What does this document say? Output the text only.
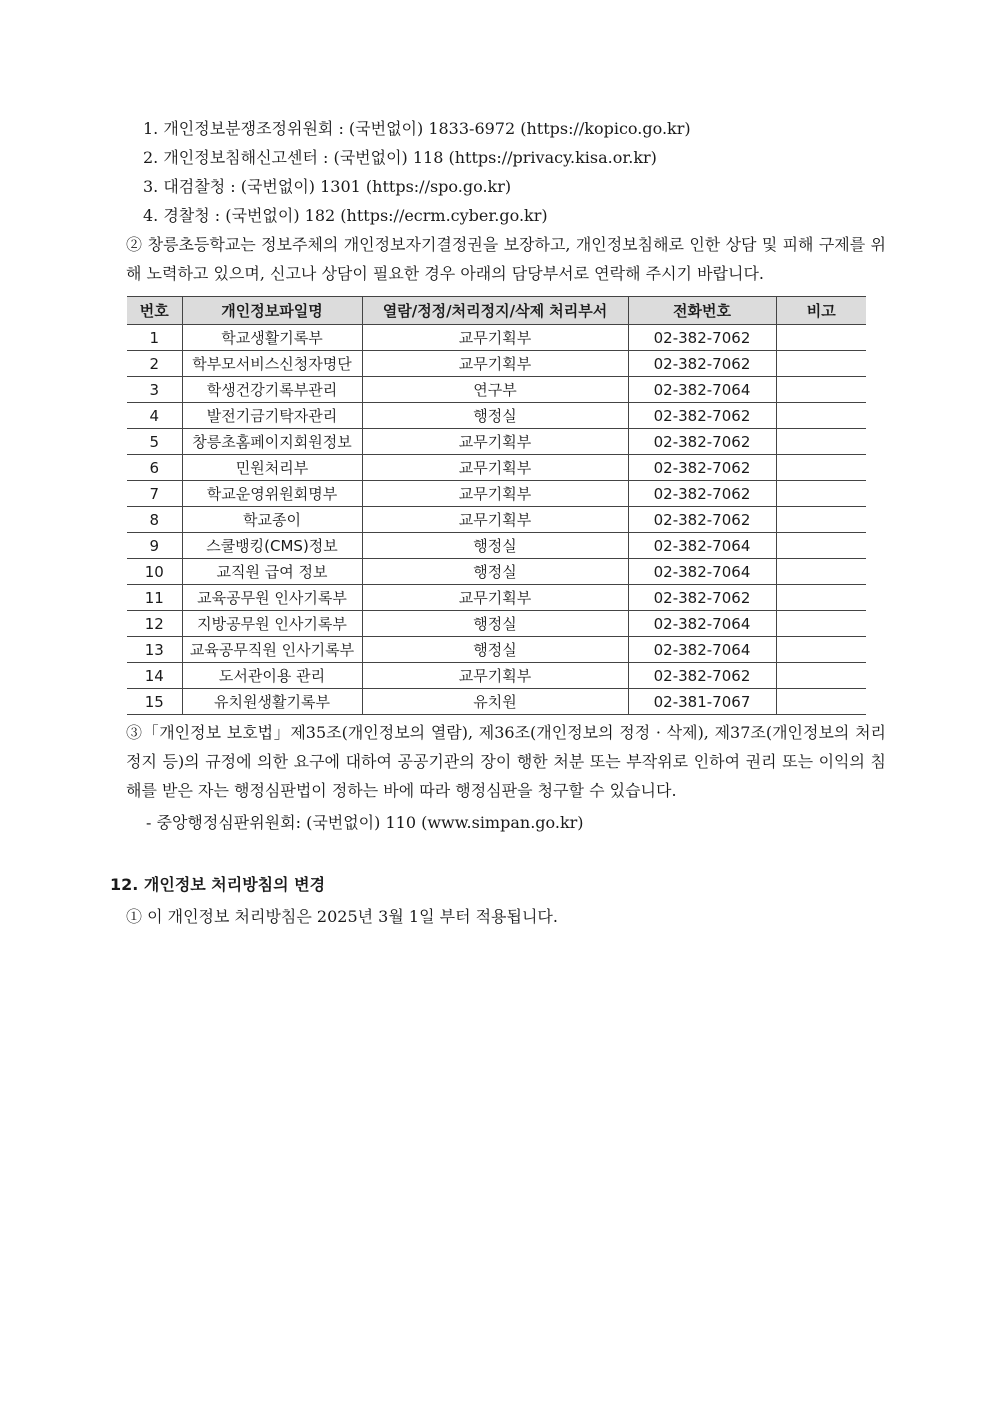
1. 개인정보분쟁조정위원회 : (국번없이) 1833-6972 (https://kopico.go.kr)
2. 개인정보침해신고센터 : (국번없이) 118 (https://privacy.kisa.or.kr)
3. 대검찰청 : (국번없이) 1301 (https://spo.go.kr)
4. 경찰청 : (국번없이) 182 (https://ecrm.cyber.go.kr)
② 창릉초등학교는 정보주체의 개인정보자기결정권을 보장하고, 개인정보침해로 인한 상담 및 피해 구제를 위해 노력하고 있으며, 신고나 상담이 필요한 경우 아래의 담당부서로 연락해 주시기 바랍니다.
번호	개인정보파일명	열람/정정/처리정지/삭제 처리부서	전화번호	비고
1	학교생활기록부	교무기획부	02-382-7062	
2	학부모서비스신청자명단	교무기획부	02-382-7062	
3	학생건강기록부관리	연구부	02-382-7064	
4	발전기금기탁자관리	행정실	02-382-7062	
5	창릉초홈페이지회원정보	교무기획부	02-382-7062	
6	민원처리부	교무기획부	02-382-7062	
7	학교운영위원회명부	교무기획부	02-382-7062	
8	학교종이	교무기획부	02-382-7062	
9	스쿨뱅킹(CMS)정보	행정실	02-382-7064	
10	교직원 급여 정보	행정실	02-382-7064	
11	교육공무원 인사기록부	교무기획부	02-382-7062	
12	지방공무원 인사기록부	행정실	02-382-7064	
13	교육공무직원 인사기록부	행정실	02-382-7064	
14	도서관이용 관리	교무기획부	02-382-7062	
15	유치원생활기록부	유치원	02-381-7067	
③「개인정보 보호법」제35조(개인정보의 열람), 제36조(개인정보의 정정 · 삭제), 제37조(개인정보의 처리정지 등)의 규정에 의한 요구에 대하여 공공기관의 장이 행한 처분 또는 부작위로 인하여 권리 또는 이익의 침해를 받은 자는 행정심판법이 정하는 바에 따라 행정심판을 청구할 수 있습니다.
- 중앙행정심판위원회: (국번없이) 110 (www.simpan.go.kr)
12. 개인정보 처리방침의 변경
① 이 개인정보 처리방침은 2025년 3월 1일 부터 적용됩니다.
